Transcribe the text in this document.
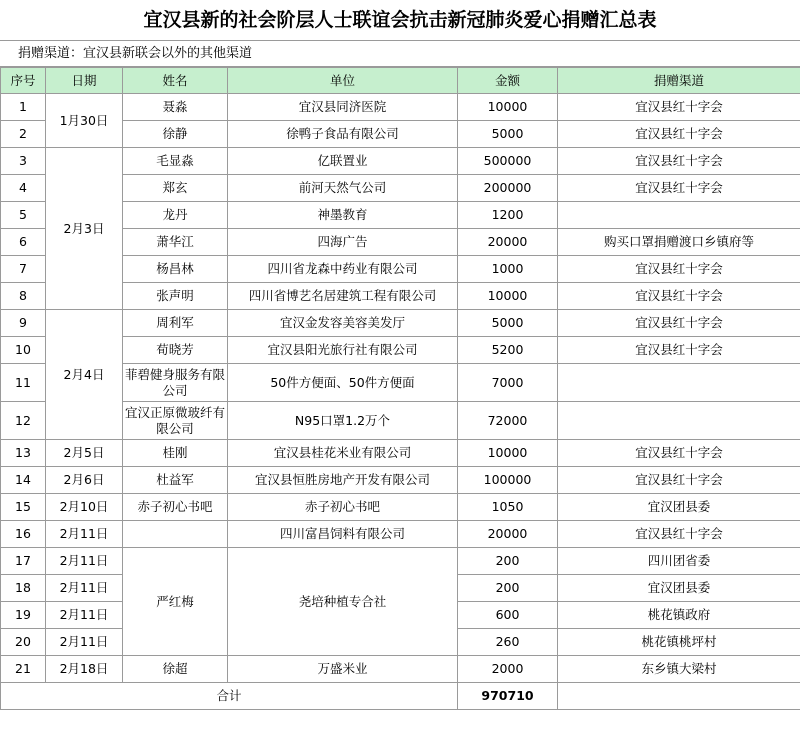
宜汉县新的社会阶层人士联谊会抗击新冠肺炎爱心捐赠汇总表
捐赠渠道：宜汉县新联会以外的其他渠道
序号	日期	姓名	单位	金额	捐赠渠道
1	1月30日	聂淼	宜汉县同济医院	10000	宜汉县红十字会
2		徐静	徐鸭子食品有限公司	5000	宜汉县红十字会
3	2月3日	毛显淼	亿联置业	500000	宜汉县红十字会
4		郑玄	前河天然气公司	200000	宜汉县红十字会
5		龙丹	神墨教育	1200	
6		萧华江	四海广告	20000	购买口罩捐赠渡口乡镇府等
7		杨昌林	四川省龙森中药业有限公司	1000	宜汉县红十字会
8		张声明	四川省博艺名居建筑工程有限公司	10000	宜汉县红十字会
9	2月4日	周利军	宜汉金发容美容美发厅	5000	宜汉县红十字会
10		荀晓芳	宜汉县阳光旅行社有限公司	5200	宜汉县红十字会
11		菲碧健身服务有限公司	50件方便面、50件方便面	7000	
12		宜汉正原微玻纤有限公司	N95口罩1.2万个	72000	
13	2月5日	桂刚	宜汉县桂花米业有限公司	10000	宜汉县红十字会
14	2月6日	杜益军	宜汉县恒胜房地产开发有限公司	100000	宜汉县红十字会
15	2月10日	赤子初心书吧	赤子初心书吧	1050	宜汉团县委
16	2月11日		四川富昌饲料有限公司	20000	宜汉县红十字会
17	2月11日	严红梅	尧培种植专合社	200	四川团省委
18	2月11日			200	宜汉团县委
19	2月11日			600	桃花镇政府
20	2月11日			260	桃花镇桃坪村
21	2月18日	徐超	万盛米业	2000	东乡镇大梁村
合计				970710	
